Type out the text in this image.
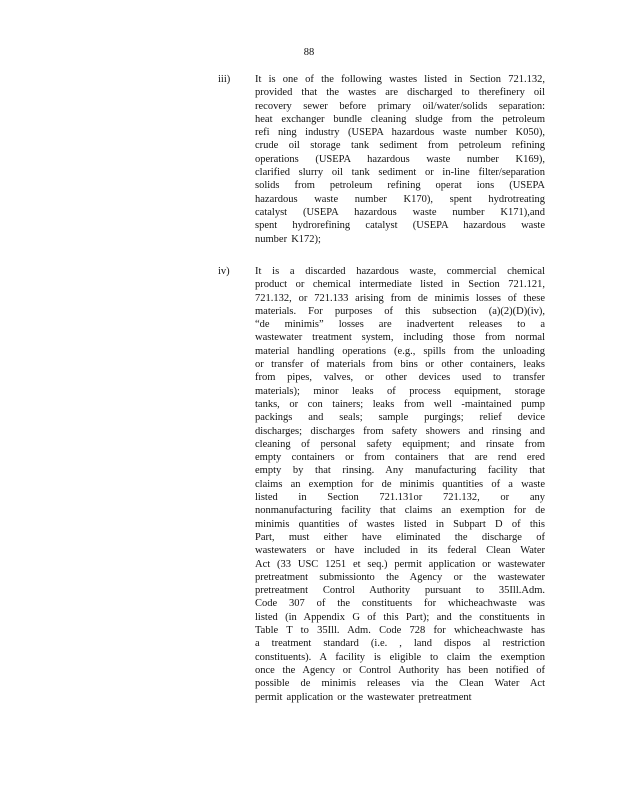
88
iii) It is one of the following wastes listed in Section 721.132,
provided that the wastes are discharged to therefinery oil
recovery sewer before primary oil/water/solids separation:
heat exchanger bundle cleaning sludge from the petroleum
refi ning industry (USEPA hazardous waste number K050),
crude oil storage tank sediment from petroleum refining
operations (USEPA hazardous waste number K169),
clarified slurry oil tank sediment or in-line filter/separation
solids from petroleum refining operat ions (USEPA
hazardous waste number K170), spent hydrotreating
catalyst (USEPA hazardous waste number K171),and
spent hydrorefining catalyst (USEPA hazardous waste
number K172);
iv) It is a discarded hazardous waste, commercial chemical
product or chemical intermediate listed in Section 721.121,
721.132, or 721.133 arising from de minimis losses of these
materials. For purposes of this subsection (a)(2)(D)(iv),
“de minimis” losses are inadvertent releases to a
wastewater treatment system, including those from normal
material handling operations (e.g., spills from the unloading
or transfer of materials from bins or other containers, leaks
from pipes, valves, or other devices used to transfer
materials); minor leaks of process equipment, storage
tanks, or con tainers; leaks from well -maintained pump
packings and seals; sample purgings; relief device
discharges; discharges from safety showers and rinsing and
cleaning of personal safety equipment; and rinsate from
empty containers or from containers that are rend ered
empty by that rinsing. Any manufacturing facility that
claims an exemption for de minimis quantities of a waste
listed in Section 721.131or 721.132, or any
nonmanufacturing facility that claims an exemption for de
minimis quantities of wastes listed in Subpart D of this
Part, must either have eliminated the discharge of
wastewaters or have included in its federal Clean Water
Act (33 USC 1251 et seq.) permit application or wastewater
pretreatment submissionto the Agency or the wastewater
pretreatment Control Authority pursuant to 35Ill.Adm.
Code 307 of the constituents for whicheachwaste was
listed (in Appendix G of this Part); and the constituents in
Table T to 35Ill. Adm. Code 728 for whicheachwaste has
a treatment standard (i.e. , land dispos al restriction
constituents). A facility is eligible to claim the exemption
once the Agency or Control Authority has been notified of
possible de minimis releases via the Clean Water Act
permit application or the wastewater pretreatment
